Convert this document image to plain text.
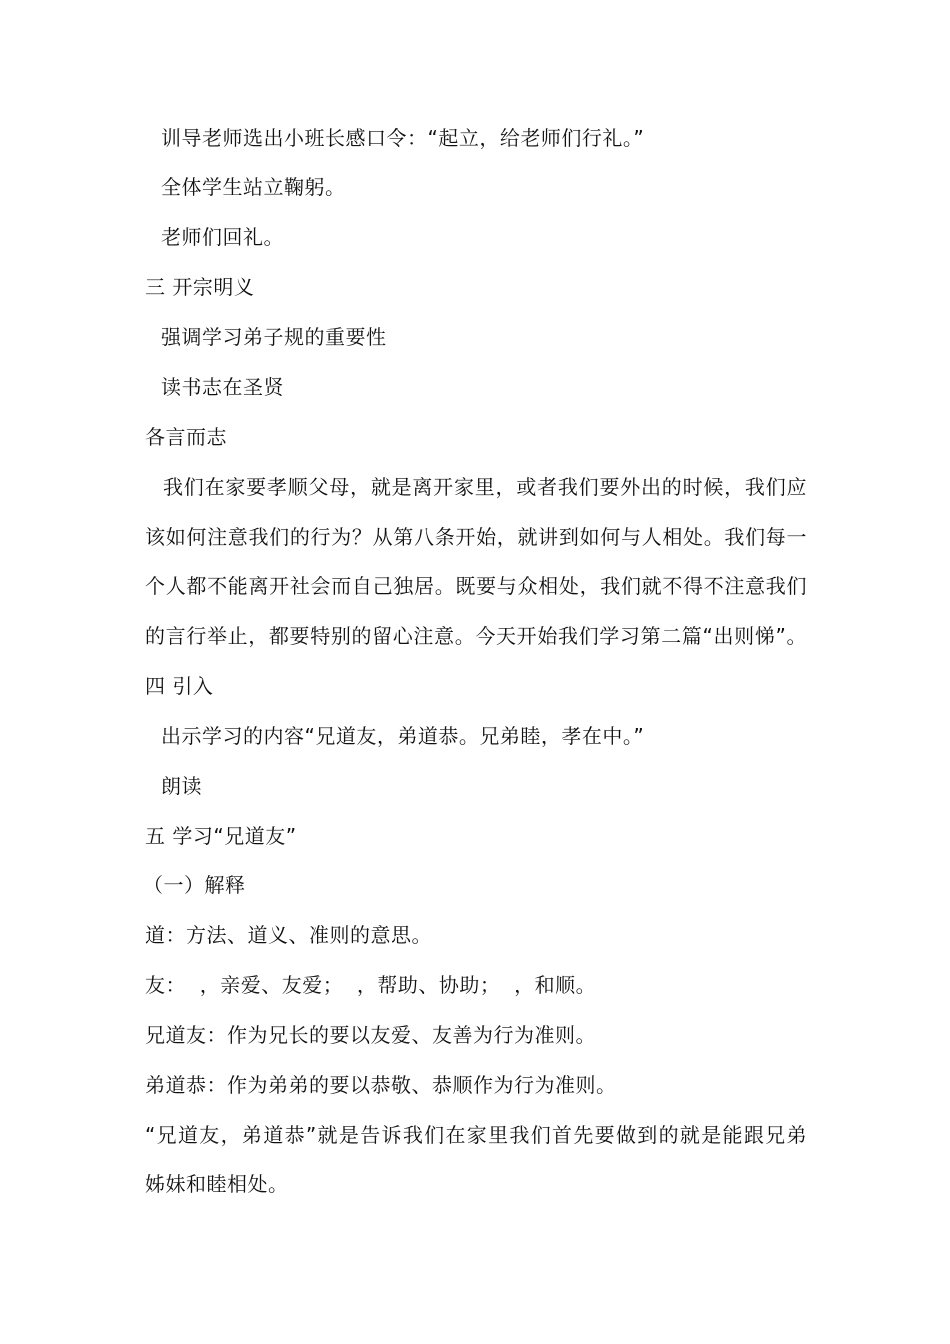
训导老师选出小班长感口令：“起立，给老师们行礼。”
全体学生站立鞠躬。
老师们回礼。
三 开宗明义
强调学习弟子规的重要性
读书志在圣贤
各言而志
我们在家要孝顺父母，就是离开家里，或者我们要外出的时候，我们应
该如何注意我们的行为？从第八条开始，就讲到如何与人相处。我们每一
个人都不能离开社会而自己独居。既要与众相处，我们就不得不注意我们
的言行举止，都要特别的留心注意。今天开始我们学习第二篇“出则悌”。
四 引入
出示学习的内容“兄道友，弟道恭。兄弟睦，孝在中。”
朗读
五 学习“兄道友”
（一）解释
道：方法、道义、准则的意思。
友：  ，亲爱、友爱；  ，帮助、协助；  ，和顺。
兄道友：作为兄长的要以友爱、友善为行为准则。
弟道恭：作为弟弟的要以恭敬、恭顺作为行为准则。
“兄道友，弟道恭”就是告诉我们在家里我们首先要做到的就是能跟兄弟
姊妹和睦相处。
